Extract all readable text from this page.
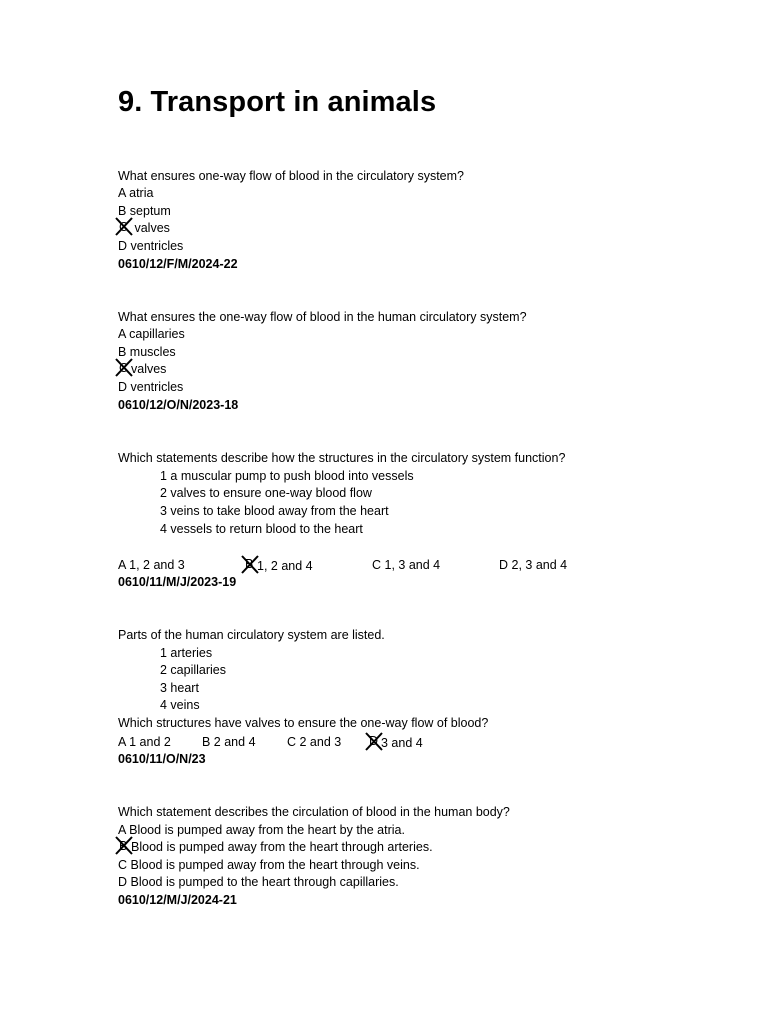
9. Transport in animals
What ensures one-way flow of blood in the circulatory system?
A atria
B septum
C valves
D ventricles
0610/12/F/M/2024-22
What ensures the one-way flow of blood in the human circulatory system?
A capillaries
B muscles
C valves
D ventricles
0610/12/O/N/2023-18
Which statements describe how the structures in the circulatory system function?
1 a muscular pump to push blood into vessels
2 valves to ensure one-way blood flow
3 veins to take blood away from the heart
4 vessels to return blood to the heart
A 1, 2 and 3	B 1, 2 and 4	C 1, 3 and 4	D 2, 3 and 4
0610/11/M/J/2023-19
Parts of the human circulatory system are listed.
1 arteries
2 capillaries
3 heart
4 veins
Which structures have valves to ensure the one-way flow of blood?
A 1 and 2 B 2 and 4	C 2 and 3 D 3 and 4
0610/11/O/N/23
Which statement describes the circulation of blood in the human body?
A Blood is pumped away from the heart by the atria.
B Blood is pumped away from the heart through arteries.
C Blood is pumped away from the heart through veins.
D Blood is pumped to the heart through capillaries.
0610/12/M/J/2024-21
